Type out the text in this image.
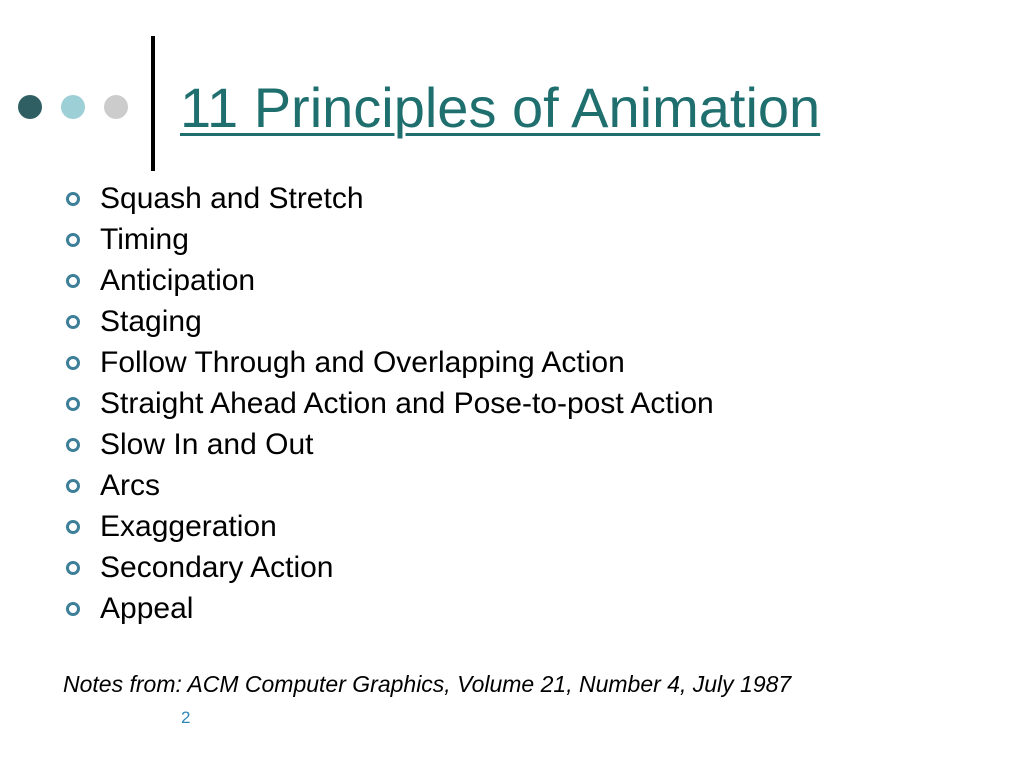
11 Principles of Animation
Squash and Stretch
Timing
Anticipation
Staging
Follow Through and Overlapping Action
Straight Ahead Action and Pose-to-post Action
Slow In and Out
Arcs
Exaggeration
Secondary Action
Appeal
Notes from: ACM Computer Graphics, Volume 21, Number 4, July 1987
2
